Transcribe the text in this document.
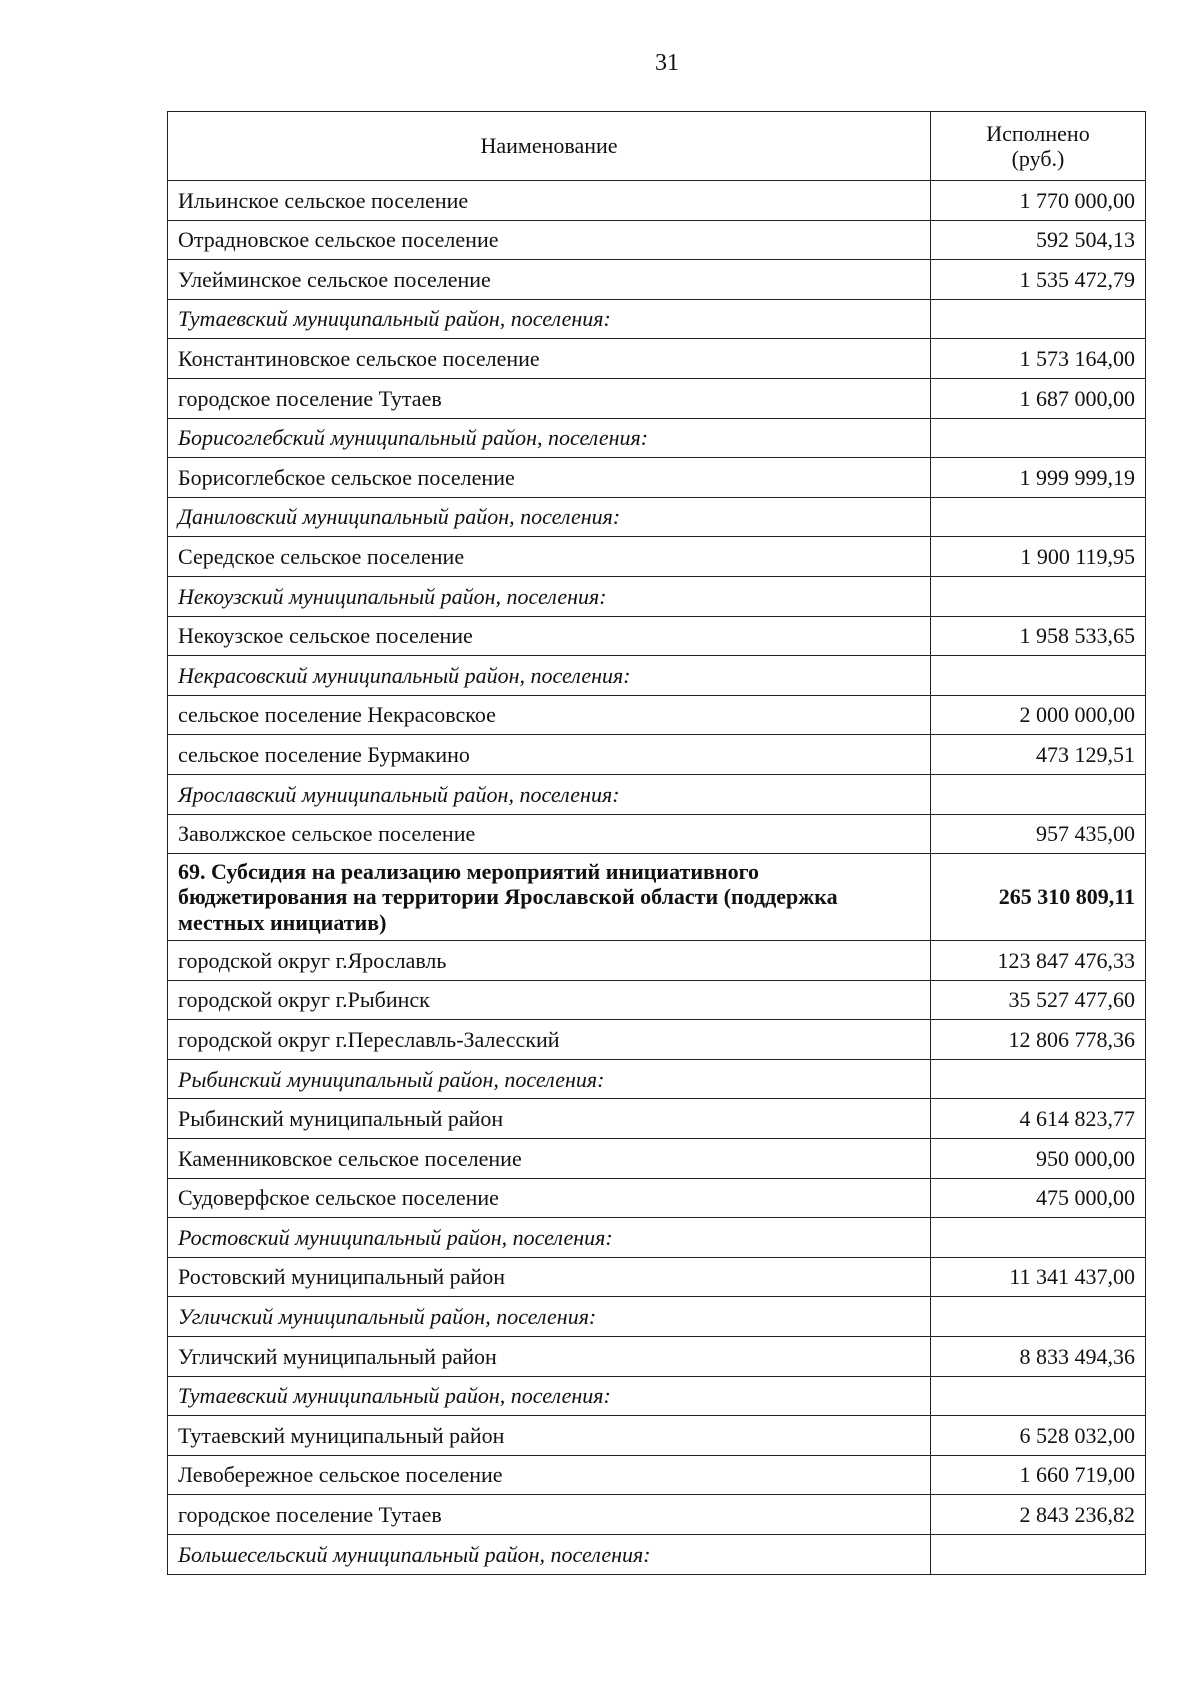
31
Наименование	Исполнено
(руб.)
Ильинское сельское поселение	1 770 000,00
Отрадновское сельское поселение	592 504,13
Улейминское сельское поселение	1 535 472,79
Тутаевский муниципальный район, поселения:	
Константиновское сельское поселение	1 573 164,00
городское поселение Тутаев	1 687 000,00
Борисоглебский муниципальный район, поселения:	
Борисоглебское сельское поселение	1 999 999,19
Даниловский муниципальный район, поселения:	
Середское сельское поселение	1 900 119,95
Некоузский муниципальный район, поселения:	
Некоузское сельское поселение	1 958 533,65
Некрасовский муниципальный район, поселения:	
сельское поселение Некрасовское	2 000 000,00
сельское поселение Бурмакино	473 129,51
Ярославский муниципальный район, поселения:	
Заволжское сельское поселение	957 435,00
69. Субсидия на реализацию мероприятий инициативного бюджетирования на территории Ярославской области (поддержка местных инициатив)	265 310 809,11
городской округ г.Ярославль	123 847 476,33
городской округ г.Рыбинск	35 527 477,60
городской округ г.Переславль-Залесский	12 806 778,36
Рыбинский муниципальный район, поселения:	
Рыбинский муниципальный район	4 614 823,77
Каменниковское сельское поселение	950 000,00
Судоверфское сельское поселение	475 000,00
Ростовский муниципальный район, поселения:	
Ростовский муниципальный район	11 341 437,00
Угличский муниципальный район, поселения:	
Угличский муниципальный район	8 833 494,36
Тутаевский муниципальный район, поселения:	
Тутаевский муниципальный район	6 528 032,00
Левобережное сельское поселение	1 660 719,00
городское поселение Тутаев	2 843 236,82
Большесельский муниципальный район, поселения:	
